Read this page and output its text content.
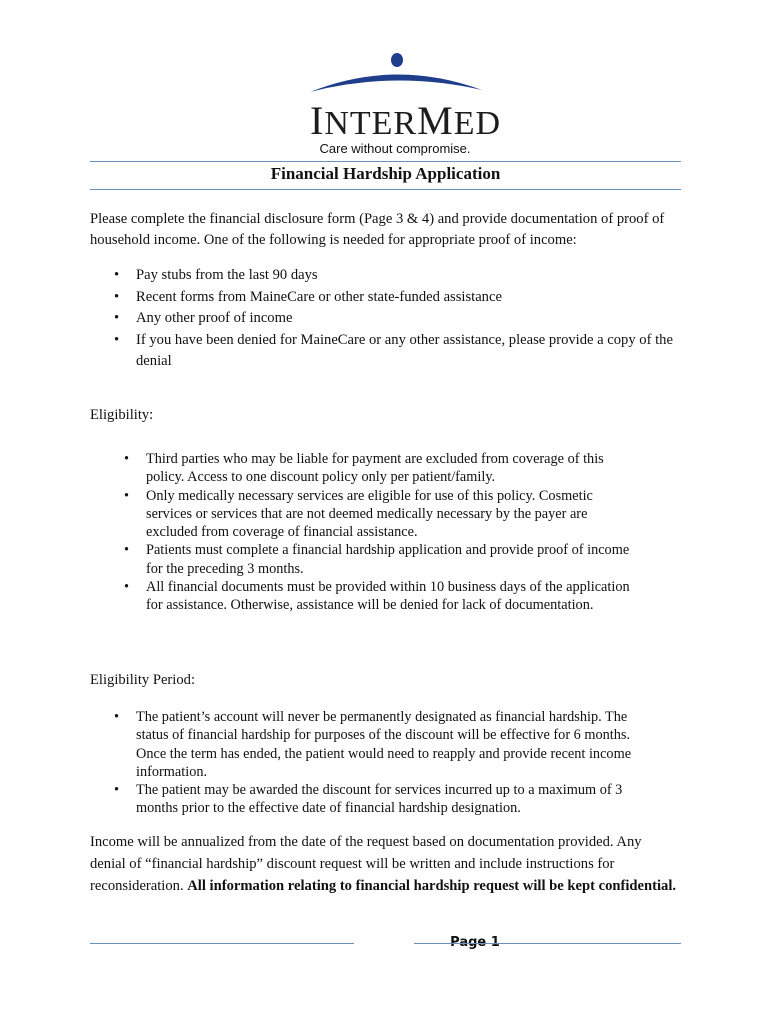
INTERMED
Care without compromise.
Financial Hardship Application

Please complete the financial disclosure form (Page 3 & 4) and provide documentation of proof of household income. One of the following is needed for appropriate proof of income:

• Pay stubs from the last 90 days
• Recent forms from MaineCare or other state-funded assistance
• Any other proof of income
• If you have been denied for MaineCare or any other assistance, please provide a copy of the denial

Eligibility:

• Third parties who may be liable for payment are excluded from coverage of this policy. Access to one discount policy only per patient/family.
• Only medically necessary services are eligible for use of this policy. Cosmetic services or services that are not deemed medically necessary by the payer are excluded from coverage of financial assistance.
• Patients must complete a financial hardship application and provide proof of income for the preceding 3 months.
• All financial documents must be provided within 10 business days of the application for assistance. Otherwise, assistance will be denied for lack of documentation.

Eligibility Period:

• The patient’s account will never be permanently designated as financial hardship. The status of financial hardship for purposes of the discount will be effective for 6 months. Once the term has ended, the patient would need to reapply and provide recent income information.
• The patient may be awarded the discount for services incurred up to a maximum of 3 months prior to the effective date of financial hardship designation.

Income will be annualized from the date of the request based on documentation provided. Any denial of “financial hardship” discount request will be written and include instructions for reconsideration. All information relating to financial hardship request will be kept confidential.

Page 1
